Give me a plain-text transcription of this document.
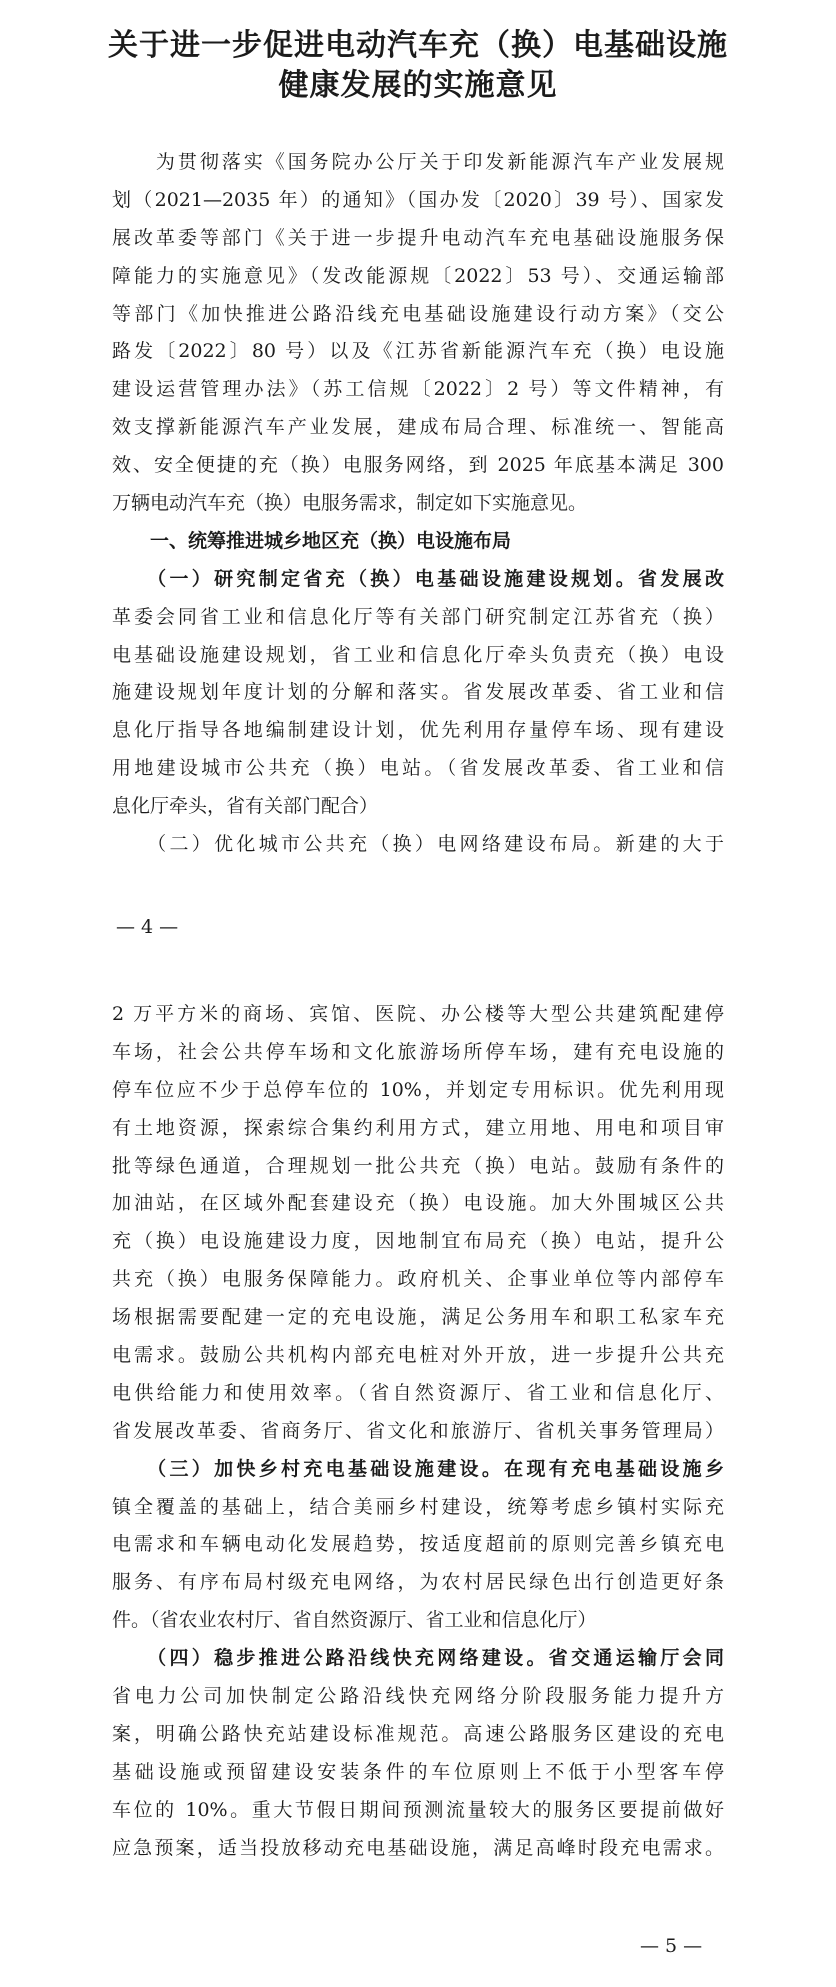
关于进一步促进电动汽车充（换）电基础设施
健康发展的实施意见
　　为贯彻落实《国务院办公厅关于印发新能源汽车产业发展规
划（2021—2035 年）的通知》（国办发〔2020〕39 号）、国家发
展改革委等部门《关于进一步提升电动汽车充电基础设施服务保
障能力的实施意见》（发改能源规〔2022〕53 号）、交通运输部
等部门《加快推进公路沿线充电基础设施建设行动方案》（交公
路发〔2022〕80 号）以及《江苏省新能源汽车充（换）电设施
建设运营管理办法》（苏工信规〔2022〕2 号）等文件精神，有
效支撑新能源汽车产业发展，建成布局合理、标准统一、智能高
效、安全便捷的充（换）电服务网络，到 2025 年底基本满足 300
万辆电动汽车充（换）电服务需求，制定如下实施意见。
　　一、统筹推进城乡地区充（换）电设施布局
　　（一）研究制定省充（换）电基础设施建设规划。省发展改
革委会同省工业和信息化厅等有关部门研究制定江苏省充（换）
电基础设施建设规划，省工业和信息化厅牵头负责充（换）电设
施建设规划年度计划的分解和落实。省发展改革委、省工业和信
息化厅指导各地编制建设计划，优先利用存量停车场、现有建设
用地建设城市公共充（换）电站。（省发展改革委、省工业和信
息化厅牵头，省有关部门配合）
　　（二）优化城市公共充（换）电网络建设布局。新建的大于
— 4 —
2 万平方米的商场、宾馆、医院、办公楼等大型公共建筑配建停
车场，社会公共停车场和文化旅游场所停车场，建有充电设施的
停车位应不少于总停车位的 10%，并划定专用标识。优先利用现
有土地资源，探索综合集约利用方式，建立用地、用电和项目审
批等绿色通道，合理规划一批公共充（换）电站。鼓励有条件的
加油站，在区域外配套建设充（换）电设施。加大外围城区公共
充（换）电设施建设力度，因地制宜布局充（换）电站，提升公
共充（换）电服务保障能力。政府机关、企事业单位等内部停车
场根据需要配建一定的充电设施，满足公务用车和职工私家车充
电需求。鼓励公共机构内部充电桩对外开放，进一步提升公共充
电供给能力和使用效率。（省自然资源厅、省工业和信息化厅、
省发展改革委、省商务厅、省文化和旅游厅、省机关事务管理局）
　　（三）加快乡村充电基础设施建设。在现有充电基础设施乡
镇全覆盖的基础上，结合美丽乡村建设，统筹考虑乡镇村实际充
电需求和车辆电动化发展趋势，按适度超前的原则完善乡镇充电
服务、有序布局村级充电网络，为农村居民绿色出行创造更好条
件。（省农业农村厅、省自然资源厅、省工业和信息化厅）
　　（四）稳步推进公路沿线快充网络建设。省交通运输厅会同
省电力公司加快制定公路沿线快充网络分阶段服务能力提升方
案，明确公路快充站建设标准规范。高速公路服务区建设的充电
基础设施或预留建设安装条件的车位原则上不低于小型客车停
车位的 10%。重大节假日期间预测流量较大的服务区要提前做好
应急预案，适当投放移动充电基础设施，满足高峰时段充电需求。
— 5 —
